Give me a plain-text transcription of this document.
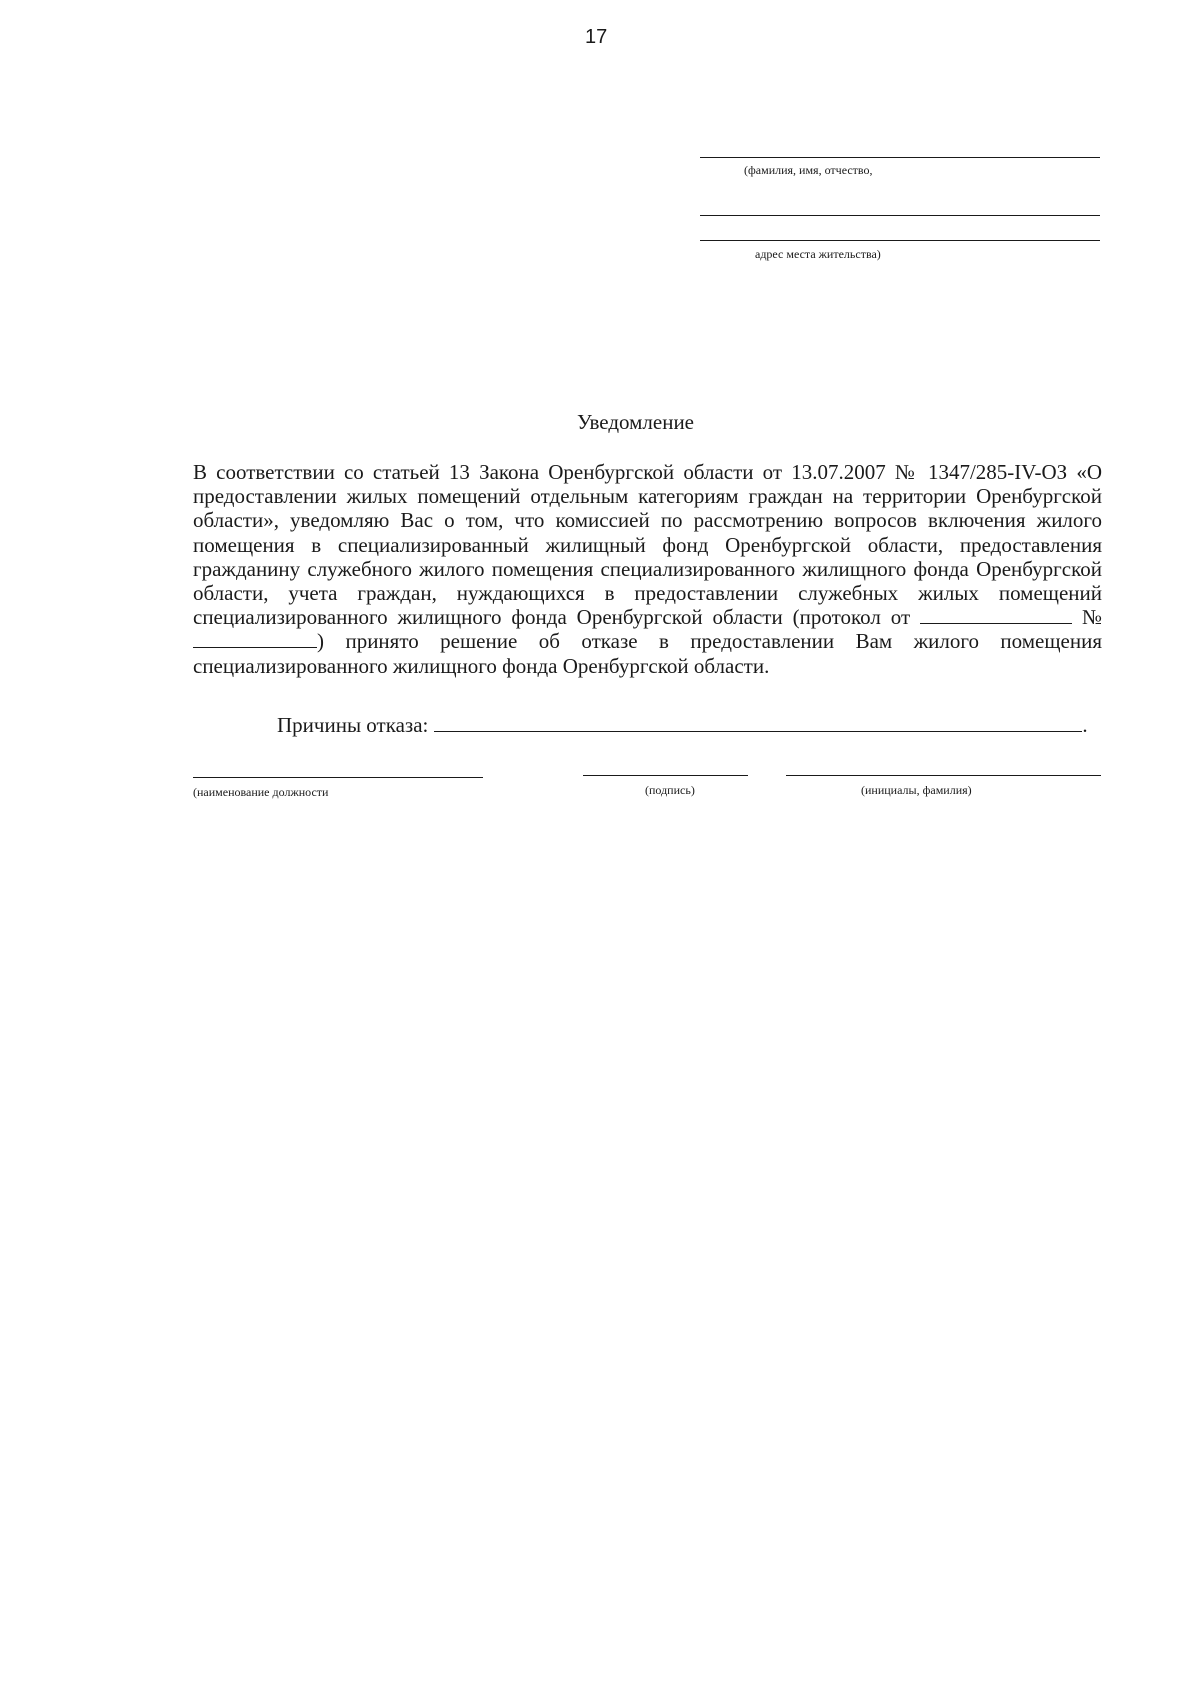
17
(фамилия, имя, отчество,
адрес места жительства)
Уведомление
В соответствии со статьей 13 Закона Оренбургской области от 13.07.2007 № 1347/285-IV-ОЗ «О предоставлении жилых помещений отдельным категориям граждан на территории Оренбургской области», уведомляю Вас о том, что комиссией по рассмотрению вопросов включения жилого помещения в специализированный жилищный фонд Оренбургской области, предоставления гражданину служебного жилого помещения специализированного жилищного фонда Оренбургской области, учета граждан, нуждающихся в предоставлении служебных жилых помещений специализированного жилищного фонда Оренбургской области (протокол от	№ ) принято решение об отказе в предоставлении Вам жилого помещения специализированного жилищного фонда Оренбургской области.
Причины отказа:	.
(наименование должности	(подпись)	(инициалы, фамилия)
